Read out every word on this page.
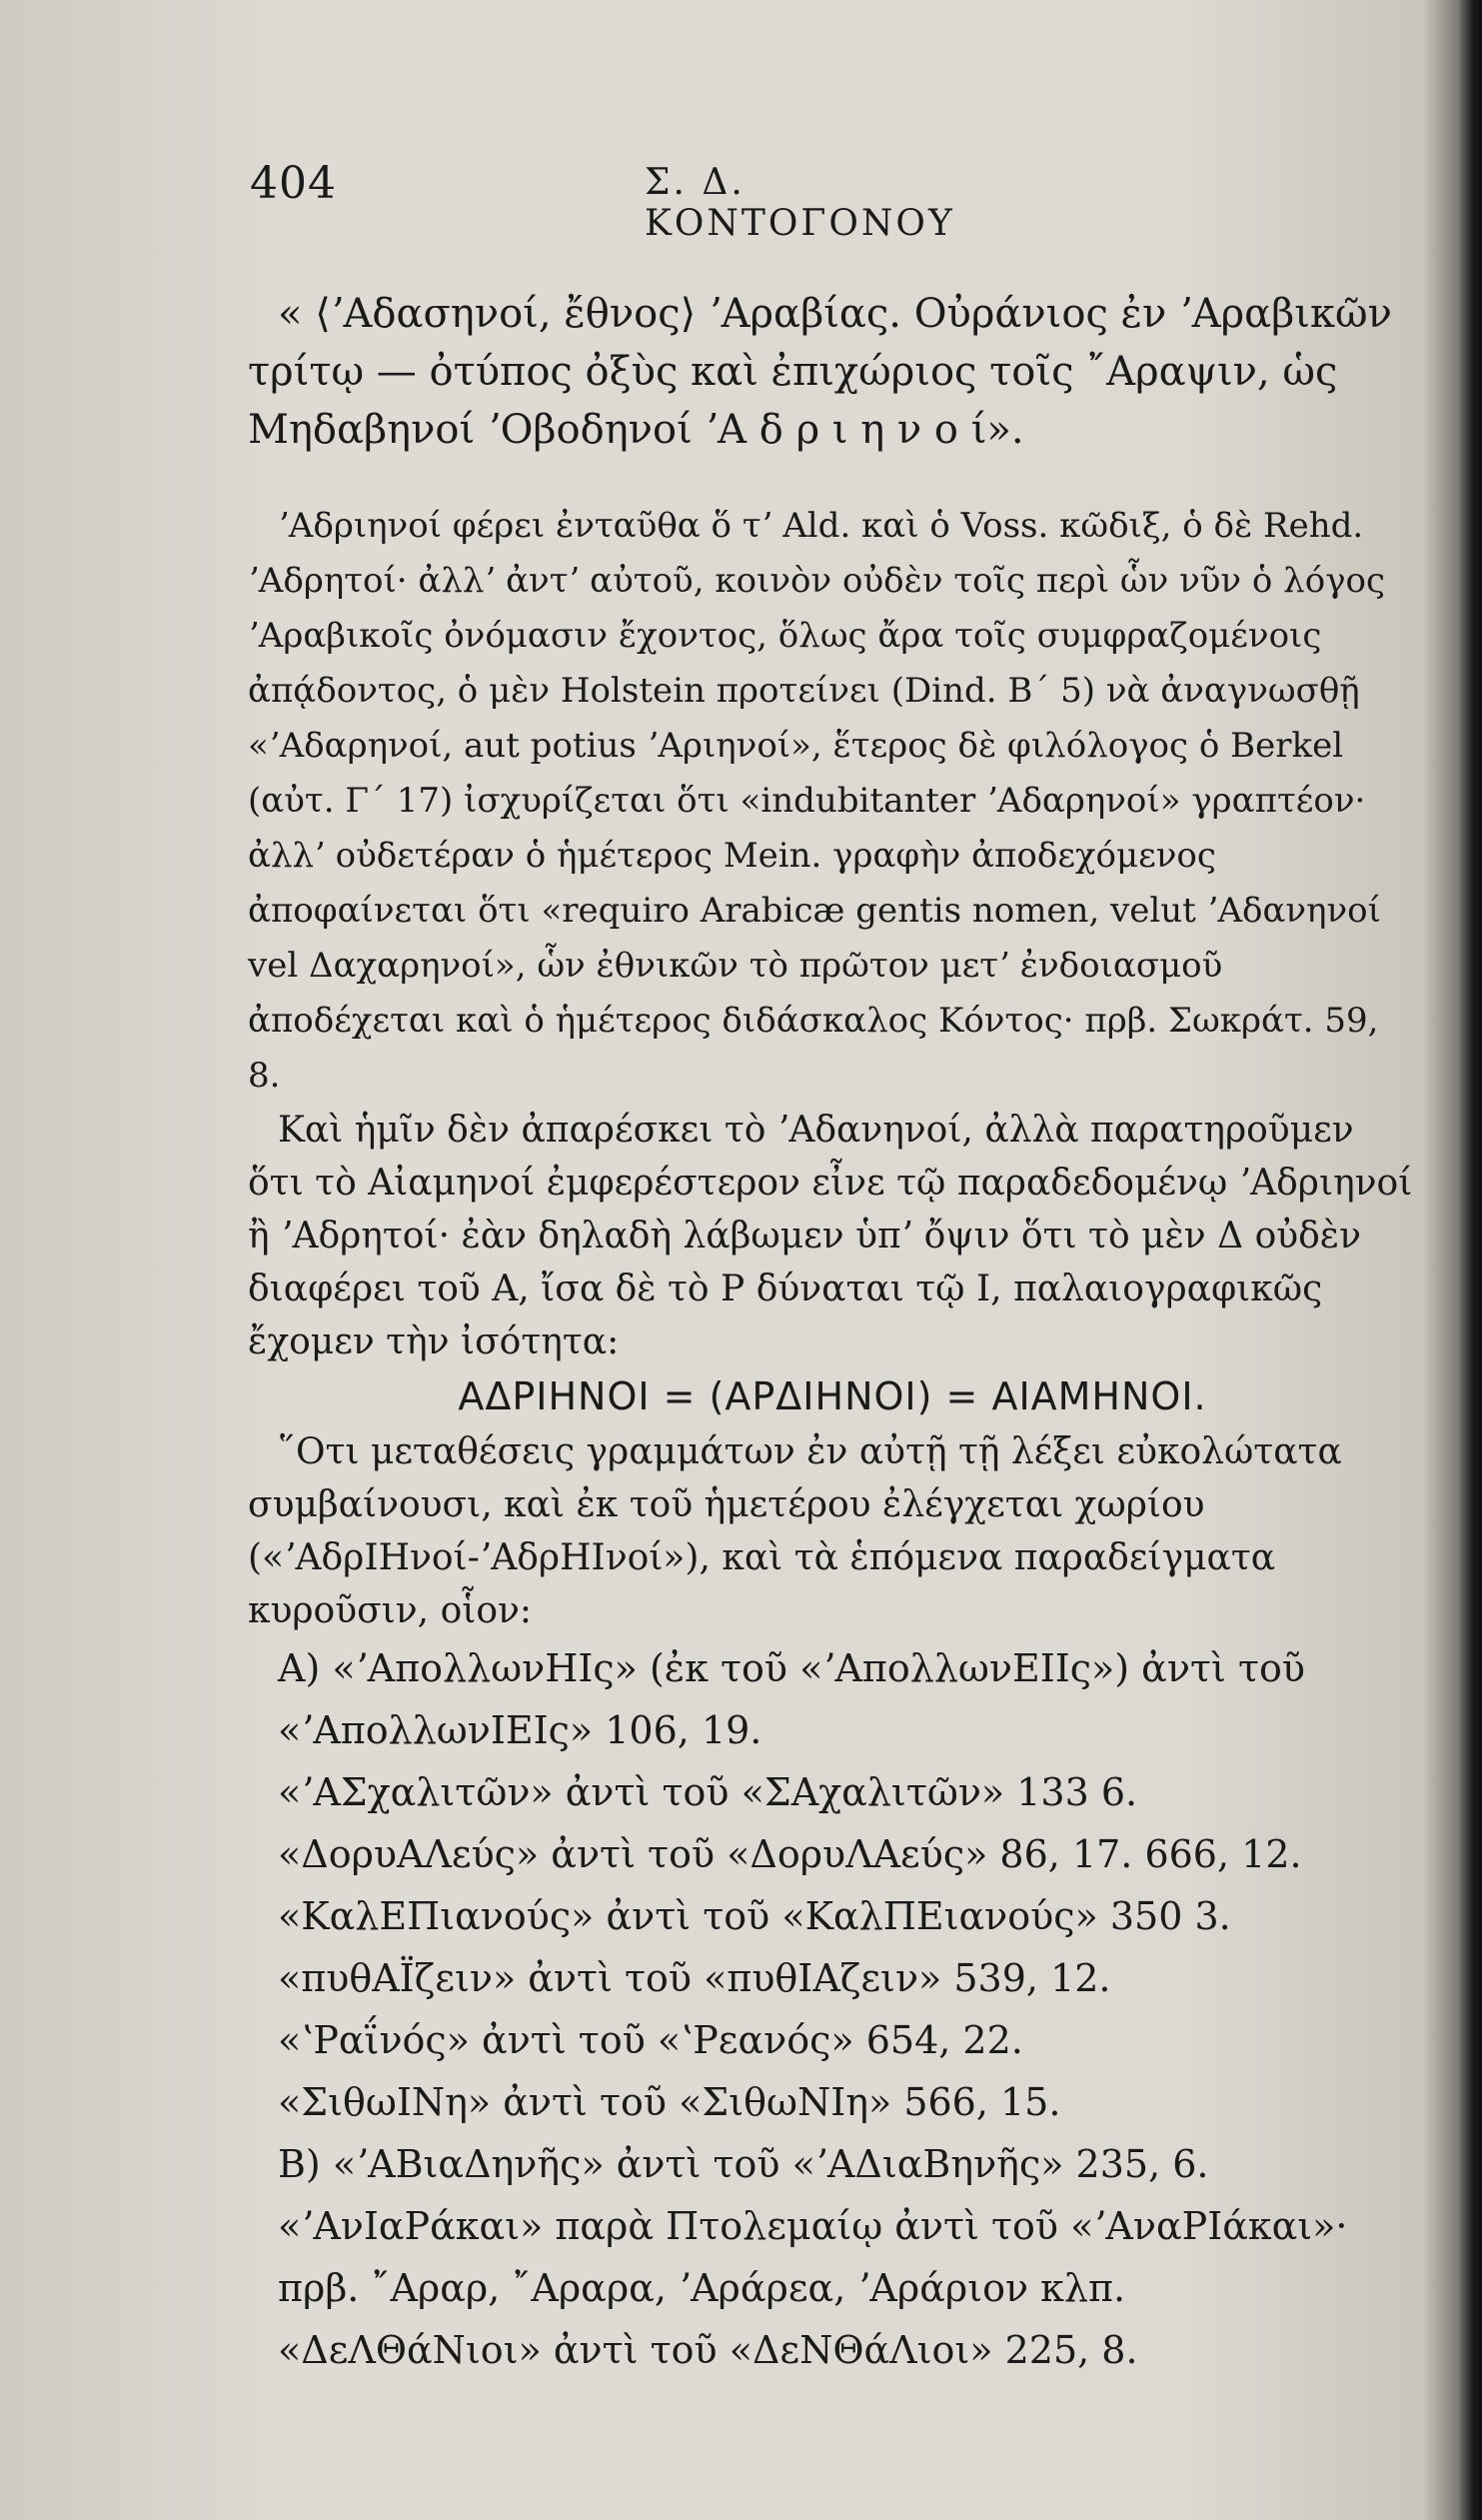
404	Σ. Δ. ΚΟΝΤΟΓΟΝΟΥ

« ⟨ʼΑδασηνοί, ἔθνος⟩ ʼΑραβίας. Οὐράνιος ἐν ʼΑραβικῶν τρίτῳ — ὀτύπος ὀξὺς καὶ ἐπιχώριος τοῖς ῎Αραψιν, ὡς Μηδαβηνοί ʼΟβοδηνοί ʼΑ δ ρ ι η ν ο ί».

ʼΑδριηνοί φέρει ἐνταῦθα ὅ τʼ Ald. καὶ ὁ Voss. κῶδιξ, ὁ δὲ Rehd. ʼΑδρητοί· ἀλλʼ ἀντʼ αὐτοῦ, κοινὸν οὐδὲν τοῖς περὶ ὧν νῦν ὁ λόγος ʼΑραβικοῖς ὀνόμασιν ἔχοντος, ὅλως ἄρα τοῖς συμφραζομένοις ἀπᾴδοντος, ὁ μὲν Holstein προτείνει (Dind. Β΄ 5) νὰ ἀναγνωσθῇ «ʼΑδαρηνοί, aut potius ʼΑριηνοί», ἕτερος δὲ φιλόλογος ὁ Berkel (αὐτ. Γ΄ 17) ἰσχυρίζεται ὅτι «indubitanter ʼΑδαρηνοί» γραπτέον· ἀλλʼ οὐδετέραν ὁ ἡμέτερος Mein. γραφὴν ἀποδεχόμενος ἀποφαίνεται ὅτι «requiro Arabicæ gentis nomen, velut ʼΑδανηνοί vel Δαχαρηνοί», ὧν ἐθνικῶν τὸ πρῶτον μετʼ ἐνδοιασμοῦ ἀποδέχεται καὶ ὁ ἡμέτερος διδάσκαλος Κόντος· πρβ. Σωκράτ. 59, 8.

Καὶ ἡμῖν δὲν ἀπαρέσκει τὸ ʼΑδανηνοί, ἀλλὰ παρατηροῦμεν ὅτι τὸ Αἰαμηνοί ἐμφερέστερον εἶνε τῷ παραδεδομένῳ ʼΑδριηνοί ἢ ʼΑδρητοί· ἐὰν δηλαδὴ λάβωμεν ὑπʼ ὄψιν ὅτι τὸ μὲν Δ οὐδὲν διαφέρει τοῦ Α, ἴσα δὲ τὸ Ρ δύναται τῷ Ι, παλαιογραφικῶς ἔχομεν τὴν ἰσότητα:

ΑΔΡΙΗΝΟΙ = (ΑΡΔΙΗΝΟΙ) = ΑΙΑΜΗΝΟΙ.

῞Οτι μεταθέσεις γραμμάτων ἐν αὐτῇ τῇ λέξει εὐκολώτατα συμβαίνουσι, καὶ ἐκ τοῦ ἡμετέρου ἐλέγχεται χωρίου («ʼΑδρΙΗνοί-ʼΑδρΗΙνοί»), καὶ τὰ ἑπόμενα παραδείγματα κυροῦσιν, οἷον:

Α) «ʼΑπολλωνΗΙς» (ἐκ τοῦ «ʼΑπολλωνΕΙΙς») ἀντὶ τοῦ «ʼΑπολλωνΙΕΙς» 106, 19.

«ʼΑΣχαλιτῶν» ἀντὶ τοῦ «ΣΑχαλιτῶν» 133 6.

«ΔορυΑΛεύς» ἀντὶ τοῦ «ΔορυΛΑεύς» 86, 17. 666, 12.

«ΚαλΕΠιανούς» ἀντὶ τοῦ «ΚαλΠΕιανούς» 350 3.

«πυθΑΪζειν» ἀντὶ τοῦ «πυθΙΑζειν» 539, 12.

«ʽΡαΐνός» ἀντὶ τοῦ «ʽΡεανός» 654, 22.

«ΣιθωΙΝη» ἀντὶ τοῦ «ΣιθωΝΙη» 566, 15.

Β) «ʼΑΒιαΔηνῆς» ἀντὶ τοῦ «ʼΑΔιαΒηνῆς» 235, 6.

«ʼΑνΙαΡάκαι» παρὰ Πτολεμαίῳ ἀντὶ τοῦ «ʼΑναΡΙάκαι»· πρβ. ῎Αραρ, ῎Αραρα, ʼΑράρεα, ʼΑράριον κλπ.

«ΔεΛΘάΝιοι» ἀντὶ τοῦ «ΔεΝΘάΛιοι» 225, 8.
